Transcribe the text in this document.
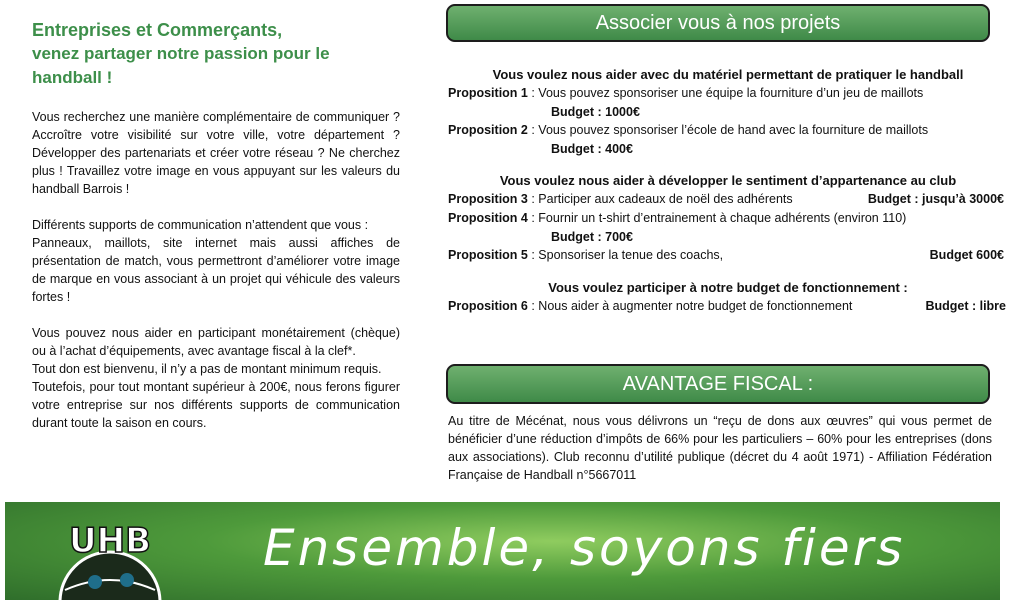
Entreprises et Commerçants,

venez partager notre passion pour le

handball !

Vous recherchez une manière complémentaire de communiquer ? Accroître votre visibilité sur votre ville, votre département ? Développer des partenariats et créer votre réseau ? Ne cherchez plus ! Travaillez votre image en vous appuyant sur les valeurs du handball Barrois !

Différents supports de communication n’attendent que vous :

Panneaux, maillots, site internet mais aussi affiches de présentation de match, vous permettront d’améliorer votre image de marque en vous associant à un projet qui véhicule des valeurs fortes !

Vous pouvez nous aider en participant monétairement (chèque) ou à l’achat d’équipements, avec avantage fiscal à la clef*.

Tout don est bienvenu, il n’y a pas de montant minimum requis.

Toutefois, pour tout montant supérieur à 200€, nous ferons figurer votre entreprise sur nos différents supports de communication durant toute la saison en cours.

Associer vous à nos projets
Vous voulez nous aider avec du matériel permettant de pratiquer le handball
Proposition 1 : Vous pouvez sponsoriser une équipe la fourniture d’un jeu de maillots
Budget : 1000€
Proposition 2 : Vous pouvez sponsoriser l’école de hand avec la fourniture de maillots
Budget : 400€
Vous voulez nous aider à développer le sentiment d’appartenance au club
Proposition 3 : Participer aux cadeaux de noël des adhérents	Budget : jusqu’à 3000€
Proposition 4 : Fournir un t-shirt d’entrainement à chaque adhérents (environ 110)
Budget : 700€
Proposition 5 : Sponsoriser la tenue des coachs,	Budget 600€
Vous voulez participer à notre budget de fonctionnement :
Proposition 6 : Nous aider à augmenter notre budget de fonctionnement	Budget : libre
AVANTAGE FISCAL :

Au titre de Mécénat, nous vous délivrons un “reçu de dons aux œuvres” qui vous permet de bénéficier d’une réduction d’impôts de 66% pour les particuliers – 60% pour les entreprises (dons aux associations). Club reconnu d’utilité publique (décret du 4 août 1971) - Affiliation Fédération Française de Handball n°5667011

UHB Ensemble, soyons fiers
